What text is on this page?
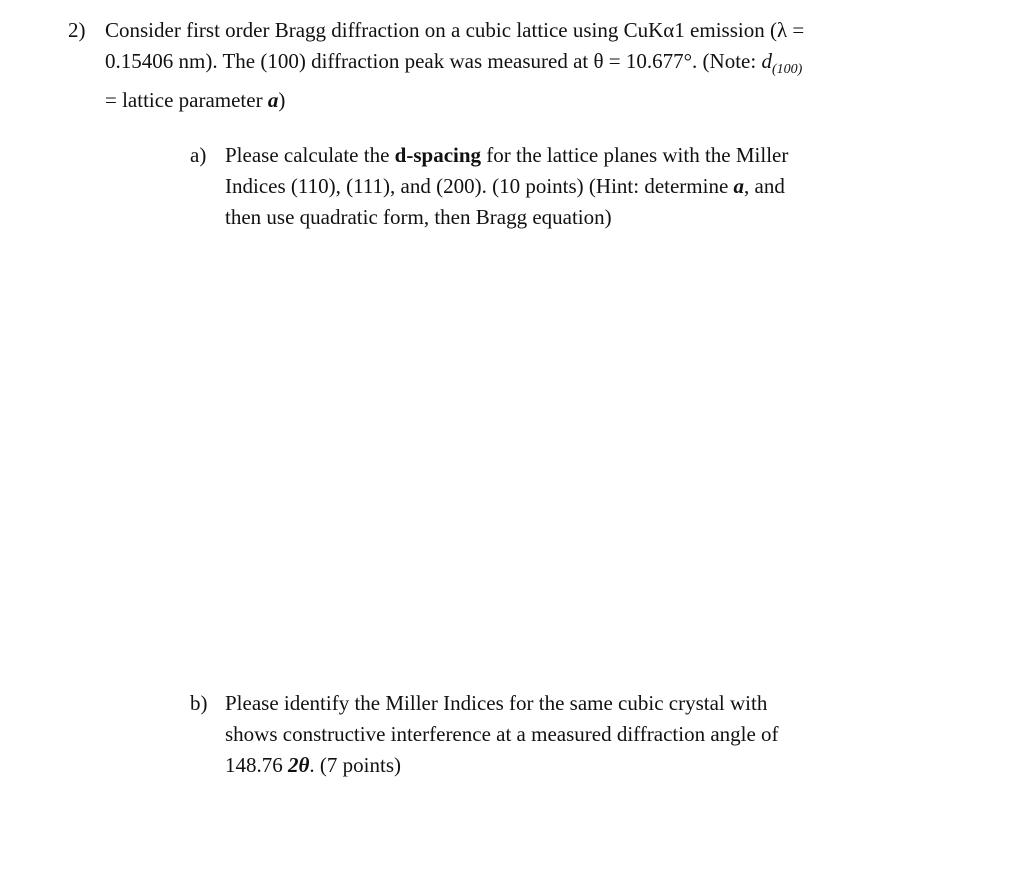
2) Consider first order Bragg diffraction on a cubic lattice using CuKα1 emission (λ =
0.15406 nm). The (100) diffraction peak was measured at θ = 10.677°. (Note: $d_{(100)}$
= lattice parameter a)
a) Please calculate the d-spacing for the lattice planes with the Miller
Indices (110), (111), and (200). (10 points) (Hint: determine a, and
then use quadratic form, then Bragg equation)
b) Please identify the Miller Indices for the same cubic crystal with
shows constructive interference at a measured diffraction angle of
148.76 2θ. (7 points)
